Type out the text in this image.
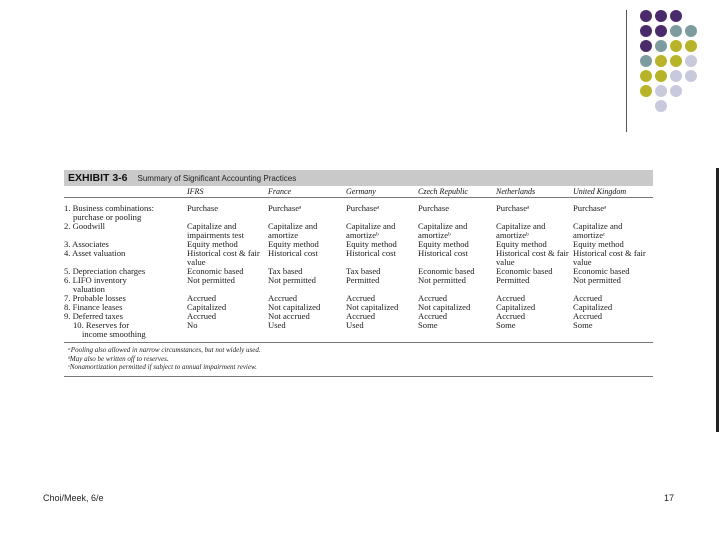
EXHIBIT 3-6 Summary of Significant Accounting Practices
	IFRS	France	Germany	Czech Republic	Netherlands	United Kingdom

1. Business combinations:
purchase or pooling	Purchase	Purchaseᵃ	Purchaseᵃ	Purchase	Purchaseᵃ	Purchaseᵃ

2. Goodwill	Capitalize and impairments test	Capitalize and amortize	Capitalize and amortizeᵇ	Capitalize and amortizeᵇ	Capitalize and amortizeᵇ	Capitalize and amortizeᶜ

3. Associates	Equity method	Equity method	Equity method	Equity method	Equity method	Equity method

4. Asset valuation	Historical cost & fair value	Historical cost	Historical cost	Historical cost	Historical cost & fair value	Historical cost & fair value

5. Depreciation charges	Economic based	Tax based	Tax based	Economic based	Economic based	Economic based

6. LIFO inventory
valuation	Not permitted	Not permitted	Permitted	Not permitted	Permitted	Not permitted

7. Probable losses	Accrued	Accrued	Accrued	Accrued	Accrued	Accrued

8. Finance leases	Capitalized	Not capitalized	Not capitalized	Not capitalized	Capitalized	Capitalized

9. Deferred taxes	Accrued	Not accrued	Accrued	Accrued	Accrued	Accrued

10. Reserves for
income smoothing	No	Used	Used	Some	Some	Some
ᵃPooling also allowed in narrow circumstances, but not widely used.
ᵇMay also be written off to reserves.
ᶜNonamortization permitted if subject to annual impairment review.
Choi/Meek, 6/e	17
